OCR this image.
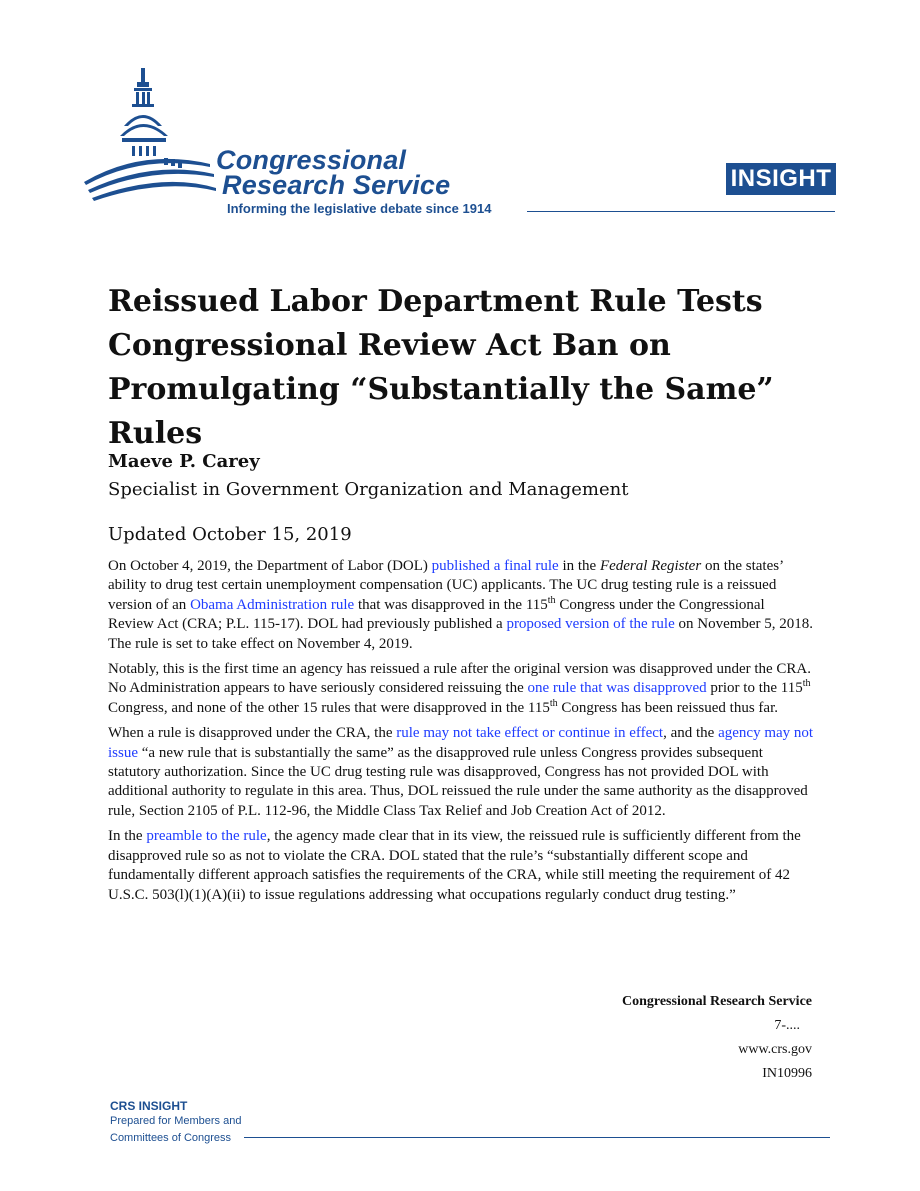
Congressional
Research Service
Informing the legislative debate since 1914
INSIGHT
Reissued Labor Department Rule Tests Congressional Review Act Ban on Promulgating “Substantially the Same” Rules
Maeve P. Carey
Specialist in Government Organization and Management
Updated October 15, 2019

On October 4, 2019, the Department of Labor (DOL) published a final rule in the Federal Register on the states’ ability to drug test certain unemployment compensation (UC) applicants. The UC drug testing rule is a reissued version of an Obama Administration rule that was disapproved in the 115th Congress under the Congressional Review Act (CRA; P.L. 115-17). DOL had previously published a proposed version of the rule on November 5, 2018. The rule is set to take effect on November 4, 2019.

Notably, this is the first time an agency has reissued a rule after the original version was disapproved under the CRA. No Administration appears to have seriously considered reissuing the one rule that was disapproved prior to the 115th Congress, and none of the other 15 rules that were disapproved in the 115th Congress has been reissued thus far.

When a rule is disapproved under the CRA, the rule may not take effect or continue in effect, and the agency may not issue “a new rule that is substantially the same” as the disapproved rule unless Congress provides subsequent statutory authorization. Since the UC drug testing rule was disapproved, Congress has not provided DOL with additional authority to regulate in this area. Thus, DOL reissued the rule under the same authority as the disapproved rule, Section 2105 of P.L. 112-96, the Middle Class Tax Relief and Job Creation Act of 2012.

In the preamble to the rule, the agency made clear that in its view, the reissued rule is sufficiently different from the disapproved rule so as not to violate the CRA. DOL stated that the rule’s “substantially different scope and fundamentally different approach satisfies the requirements of the CRA, while still meeting the requirement of 42 U.S.C. 503(l)(1)(A)(ii) to issue regulations addressing what occupations regularly conduct drug testing.”

Congressional Research Service
7-....
www.crs.gov
IN10996
CRS INSIGHT
Prepared for Members and
Committees of Congress
